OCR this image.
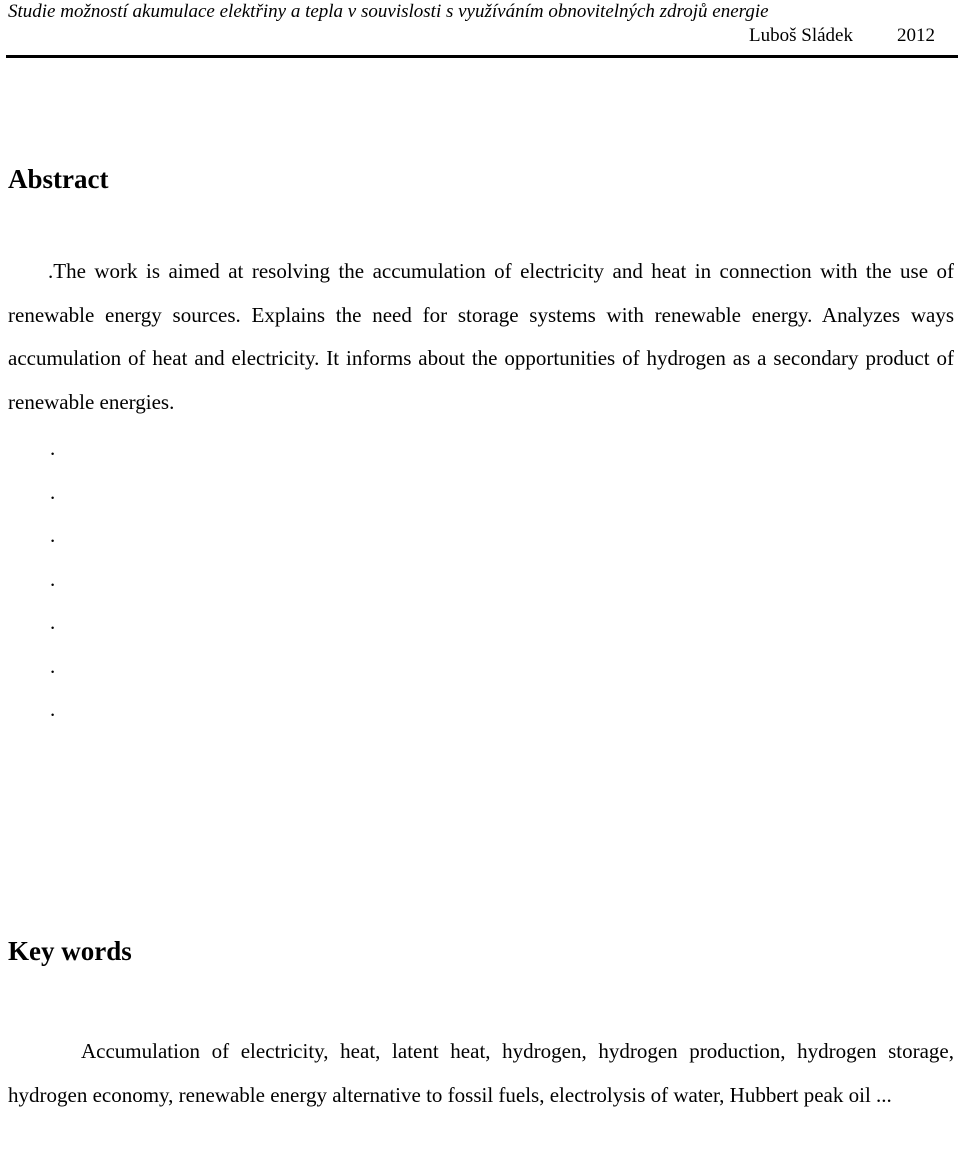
Studie možností akumulace elektřiny a tepla v souvislosti s využíváním obnovitelných zdrojů energie
Luboš Sládek 2012
Abstract

.The work is aimed at resolving the accumulation of electricity and heat in connection with the use of renewable energy sources. Explains the need for storage systems with renewable energy. Analyzes ways accumulation of heat and electricity. It informs about the opportunities of hydrogen as a secondary product of renewable energies.

.
.
.
.
.
.
.
Key words

Accumulation of electricity, heat, latent heat, hydrogen, hydrogen production, hydrogen storage, hydrogen economy, renewable energy alternative to fossil fuels, electrolysis of water, Hubbert peak oil ...
